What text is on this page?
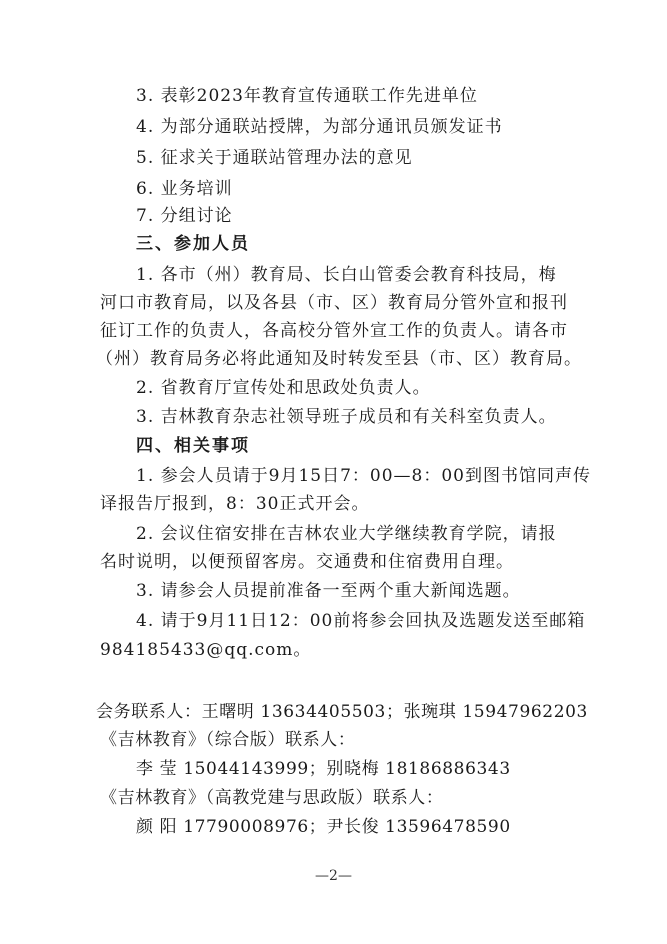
3. 表彰2023年教育宣传通联工作先进单位
4. 为部分通联站授牌，为部分通讯员颁发证书
5. 征求关于通联站管理办法的意见
6. 业务培训
7. 分组讨论
三、参加人员
1. 各市（州）教育局、长白山管委会教育科技局，梅
河口市教育局，以及各县（市、区）教育局分管外宣和报刊
征订工作的负责人，各高校分管外宣工作的负责人。请各市
（州）教育局务必将此通知及时转发至县（市、区）教育局。
2. 省教育厅宣传处和思政处负责人。
3. 吉林教育杂志社领导班子成员和有关科室负责人。
四、相关事项
1. 参会人员请于9月15日7：00—8：00到图书馆同声传
译报告厅报到，8：30正式开会。
2. 会议住宿安排在吉林农业大学继续教育学院，请报
名时说明，以便预留客房。交通费和住宿费用自理。
3. 请参会人员提前准备一至两个重大新闻选题。
4. 请于9月11日12：00前将参会回执及选题发送至邮箱
984185433@qq.com。
会务联系人：王曙明 13634405503；张琬琪 15947962203
《吉林教育》（综合版）联系人：
李 莹 15044143999；别晓梅 18186886343
《吉林教育》（高教党建与思政版）联系人：
颜 阳 17790008976；尹长俊 13596478590
—2—
